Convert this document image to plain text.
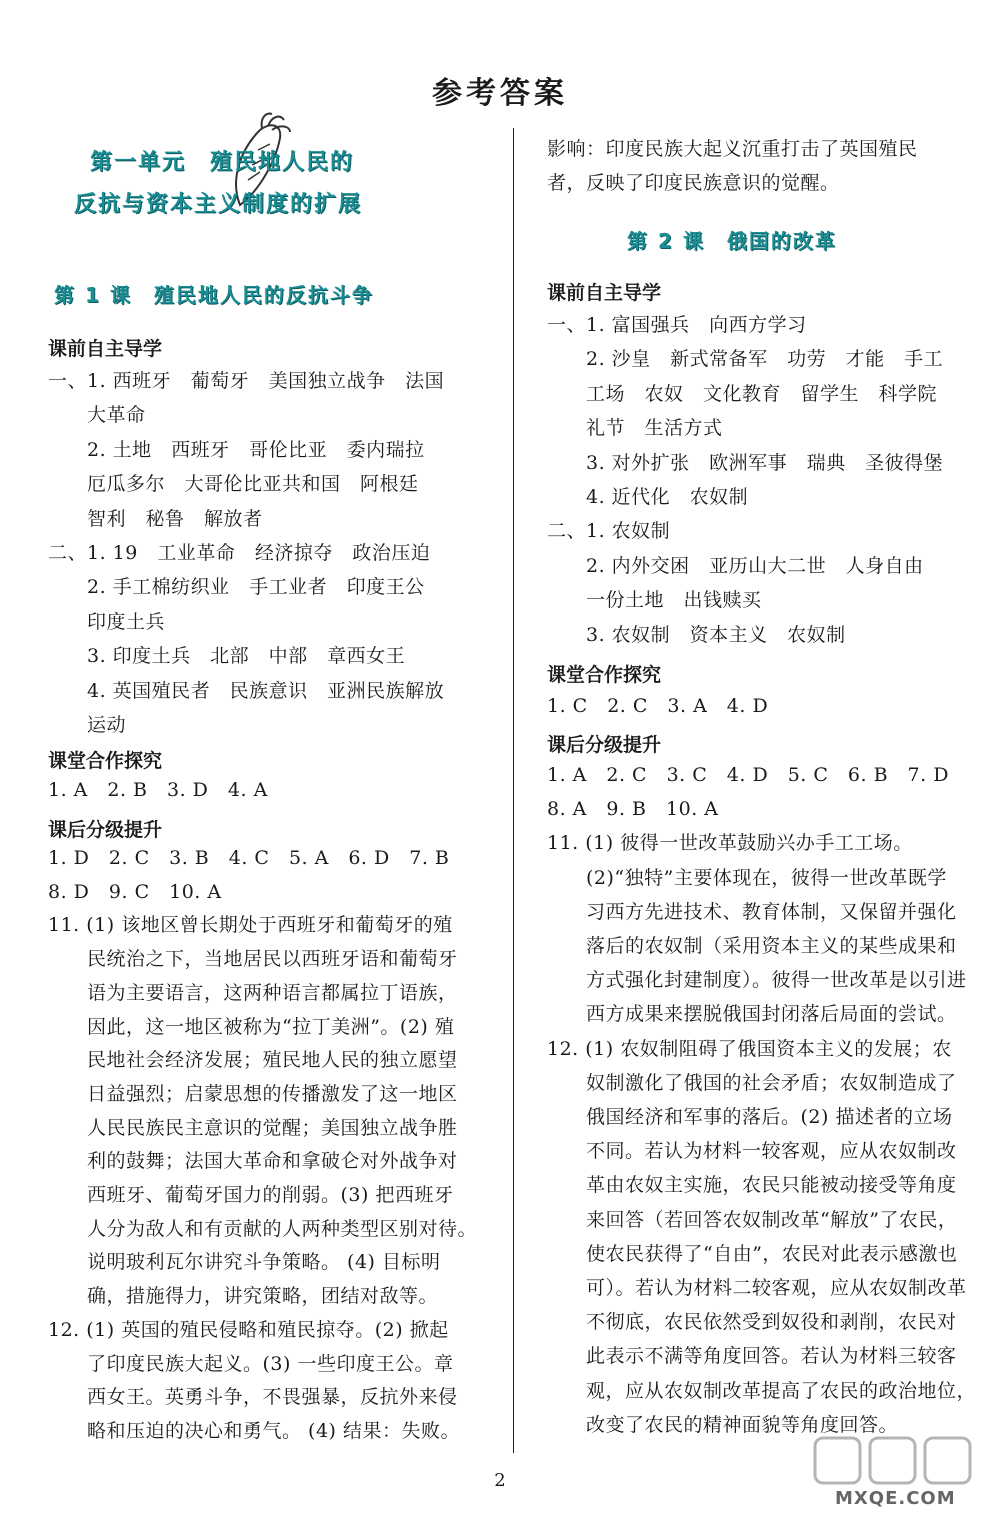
参考答案
第一单元　殖民地人民的
反抗与资本主义制度的扩展
第 1 课　殖民地人民的反抗斗争
课前自主导学
一、1. 西班牙　葡萄牙　美国独立战争　法国
　　大革命
　　2. 土地　西班牙　哥伦比亚　委内瑞拉
　　厄瓜多尔　大哥伦比亚共和国　阿根廷
　　智利　秘鲁　解放者
二、1. 19　工业革命　经济掠夺　政治压迫
　　2. 手工棉纺织业　手工业者　印度王公
　　印度土兵
　　3. 印度土兵　北部　中部　章西女王
　　4. 英国殖民者　民族意识　亚洲民族解放
　　运动
课堂合作探究
1. A　2. B　3. D　4. A
课后分级提升
1. D　2. C　3. B　4. C　5. A　6. D　7. B
8. D　9. C　10. A
11. (1) 该地区曾长期处于西班牙和葡萄牙的殖
　　民统治之下，当地居民以西班牙语和葡萄牙
　　语为主要语言，这两种语言都属拉丁语族，
　　因此，这一地区被称为“拉丁美洲”。(2) 殖
　　民地社会经济发展；殖民地人民的独立愿望
　　日益强烈；启蒙思想的传播激发了这一地区
　　人民民族民主意识的觉醒；美国独立战争胜
　　利的鼓舞；法国大革命和拿破仑对外战争对
　　西班牙、葡萄牙国力的削弱。(3) 把西班牙
　　人分为敌人和有贡献的人两种类型区别对待。
　　说明玻利瓦尔讲究斗争策略。 (4) 目标明
　　确，措施得力，讲究策略，团结对敌等。
12. (1) 英国的殖民侵略和殖民掠夺。(2) 掀起
　　了印度民族大起义。(3) 一些印度王公。章
　　西女王。英勇斗争，不畏强暴，反抗外来侵
　　略和压迫的决心和勇气。 (4) 结果：失败。
影响：印度民族大起义沉重打击了英国殖民
者，反映了印度民族意识的觉醒。
第 2 课　俄国的改革
课前自主导学
一、1. 富国强兵　向西方学习
　　2. 沙皇　新式常备军　功劳　才能　手工
　　工场　农奴　文化教育　留学生　科学院
　　礼节　生活方式
　　3. 对外扩张　欧洲军事　瑞典　圣彼得堡
　　4. 近代化　农奴制
二、1. 农奴制
　　2. 内外交困　亚历山大二世　人身自由
　　一份土地　出钱赎买
　　3. 农奴制　资本主义　农奴制
课堂合作探究
1. C　2. C　3. A　4. D
课后分级提升
1. A　2. C　3. C　4. D　5. C　6. B　7. D
8. A　9. B　10. A
11. (1) 彼得一世改革鼓励兴办手工工场。
　　(2)“独特”主要体现在，彼得一世改革既学
　　习西方先进技术、教育体制，又保留并强化
　　落后的农奴制（采用资本主义的某些成果和
　　方式强化封建制度）。彼得一世改革是以引进
　　西方成果来摆脱俄国封闭落后局面的尝试。
12. (1) 农奴制阻碍了俄国资本主义的发展；农
　　奴制激化了俄国的社会矛盾；农奴制造成了
　　俄国经济和军事的落后。(2) 描述者的立场
　　不同。若认为材料一较客观，应从农奴制改
　　革由农奴主实施，农民只能被动接受等角度
　　来回答（若回答农奴制改革“解放”了农民，
　　使农民获得了“自由”，农民对此表示感激也
　　可）。若认为材料二较客观，应从农奴制改革
　　不彻底，农民依然受到奴役和剥削，农民对
　　此表示不满等角度回答。若认为材料三较客
　　观，应从农奴制改革提高了农民的政治地位，
　　改变了农民的精神面貌等角度回答。
2
MXQE.COM
